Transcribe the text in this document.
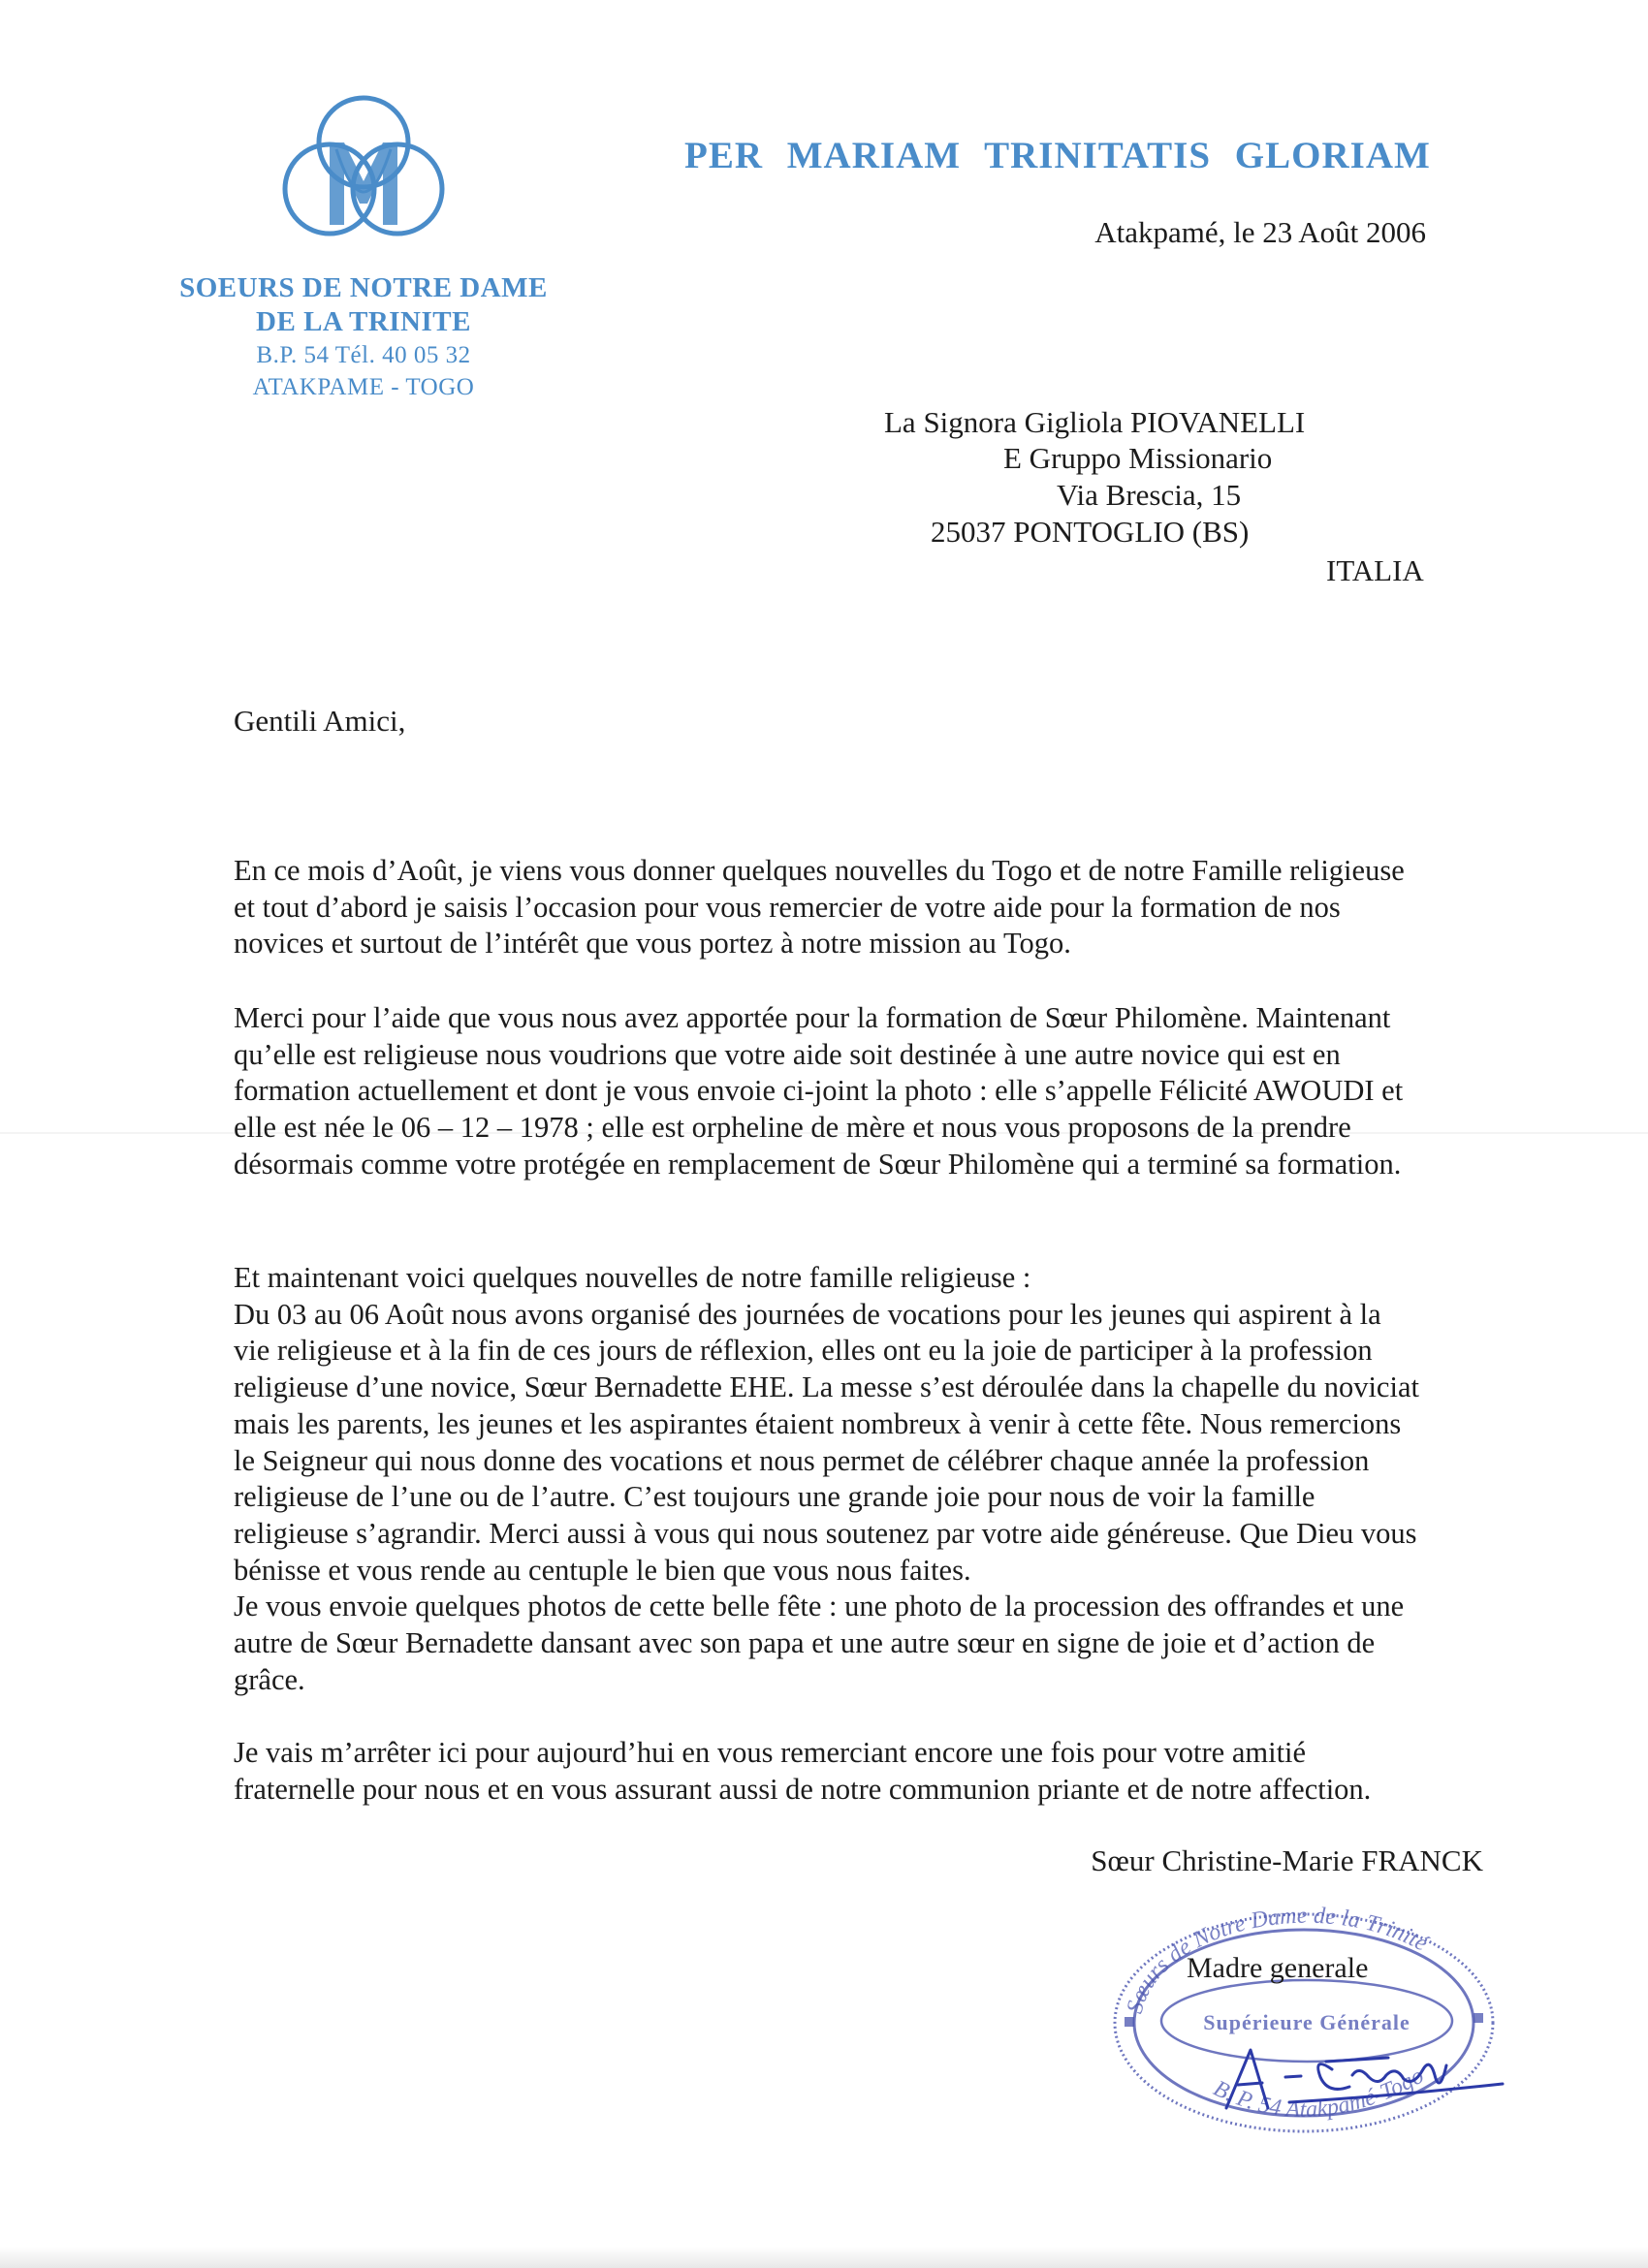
SOEURS DE NOTRE DAME
DE LA TRINITE
B.P. 54 Tél. 40 05 32
ATAKPAME - TOGO
PER MARIAM TRINITATIS GLORIAM
Atakpamé, le 23 Août 2006
La Signora Gigliola PIOVANELLI
E Gruppo Missionario
Via Brescia, 15
25037 PONTOGLIO (BS)
ITALIA
Gentili Amici,
En ce mois d’Août, je viens vous donner quelques nouvelles du Togo et de notre Famille religieuse
et tout d’abord je saisis l’occasion pour vous remercier de votre aide pour la formation de nos
novices et surtout de l’intérêt que vous portez à notre mission au Togo.
Merci pour l’aide que vous nous avez apportée pour la formation de Sœur Philomène. Maintenant
qu’elle est religieuse nous voudrions que votre aide soit destinée à une autre novice qui est en
formation actuellement et dont je vous envoie ci-joint la photo : elle s’appelle Félicité AWOUDI et
elle est née le 06 – 12 – 1978 ; elle est orpheline de mère et nous vous proposons de la prendre
désormais comme votre protégée en remplacement de Sœur Philomène qui a terminé sa formation.
Et maintenant voici quelques nouvelles de notre famille religieuse :
Du 03 au 06 Août nous avons organisé des journées de vocations pour les jeunes qui aspirent à la
vie religieuse et à la fin de ces jours de réflexion, elles ont eu la joie de participer à la profession
religieuse d’une novice, Sœur Bernadette EHE. La messe s’est déroulée dans la chapelle du noviciat
mais les parents, les jeunes et les aspirantes étaient nombreux à venir à cette fête. Nous remercions
le Seigneur qui nous donne des vocations et nous permet de célébrer chaque année la profession
religieuse de l’une ou de l’autre. C’est toujours une grande joie pour nous de voir la famille
religieuse s’agrandir. Merci aussi à vous qui nous soutenez par votre aide généreuse. Que Dieu vous
bénisse et vous rende au centuple le bien que vous nous faites.
Je vous envoie quelques photos de cette belle fête : une photo de la procession des offrandes et une
autre de Sœur Bernadette dansant avec son papa et une autre sœur en signe de joie et d’action de
grâce.
Je vais m’arrêter ici pour aujourd’hui en vous remerciant encore une fois pour votre amitié
fraternelle pour nous et en vous assurant aussi de notre communion priante et de notre affection.
Sœur Christine-Marie FRANCK
Sœurs de Notre Dame de la Trinité
Supérieure Générale
B. P. 54 Atakpamé-Togo
Madre generale
